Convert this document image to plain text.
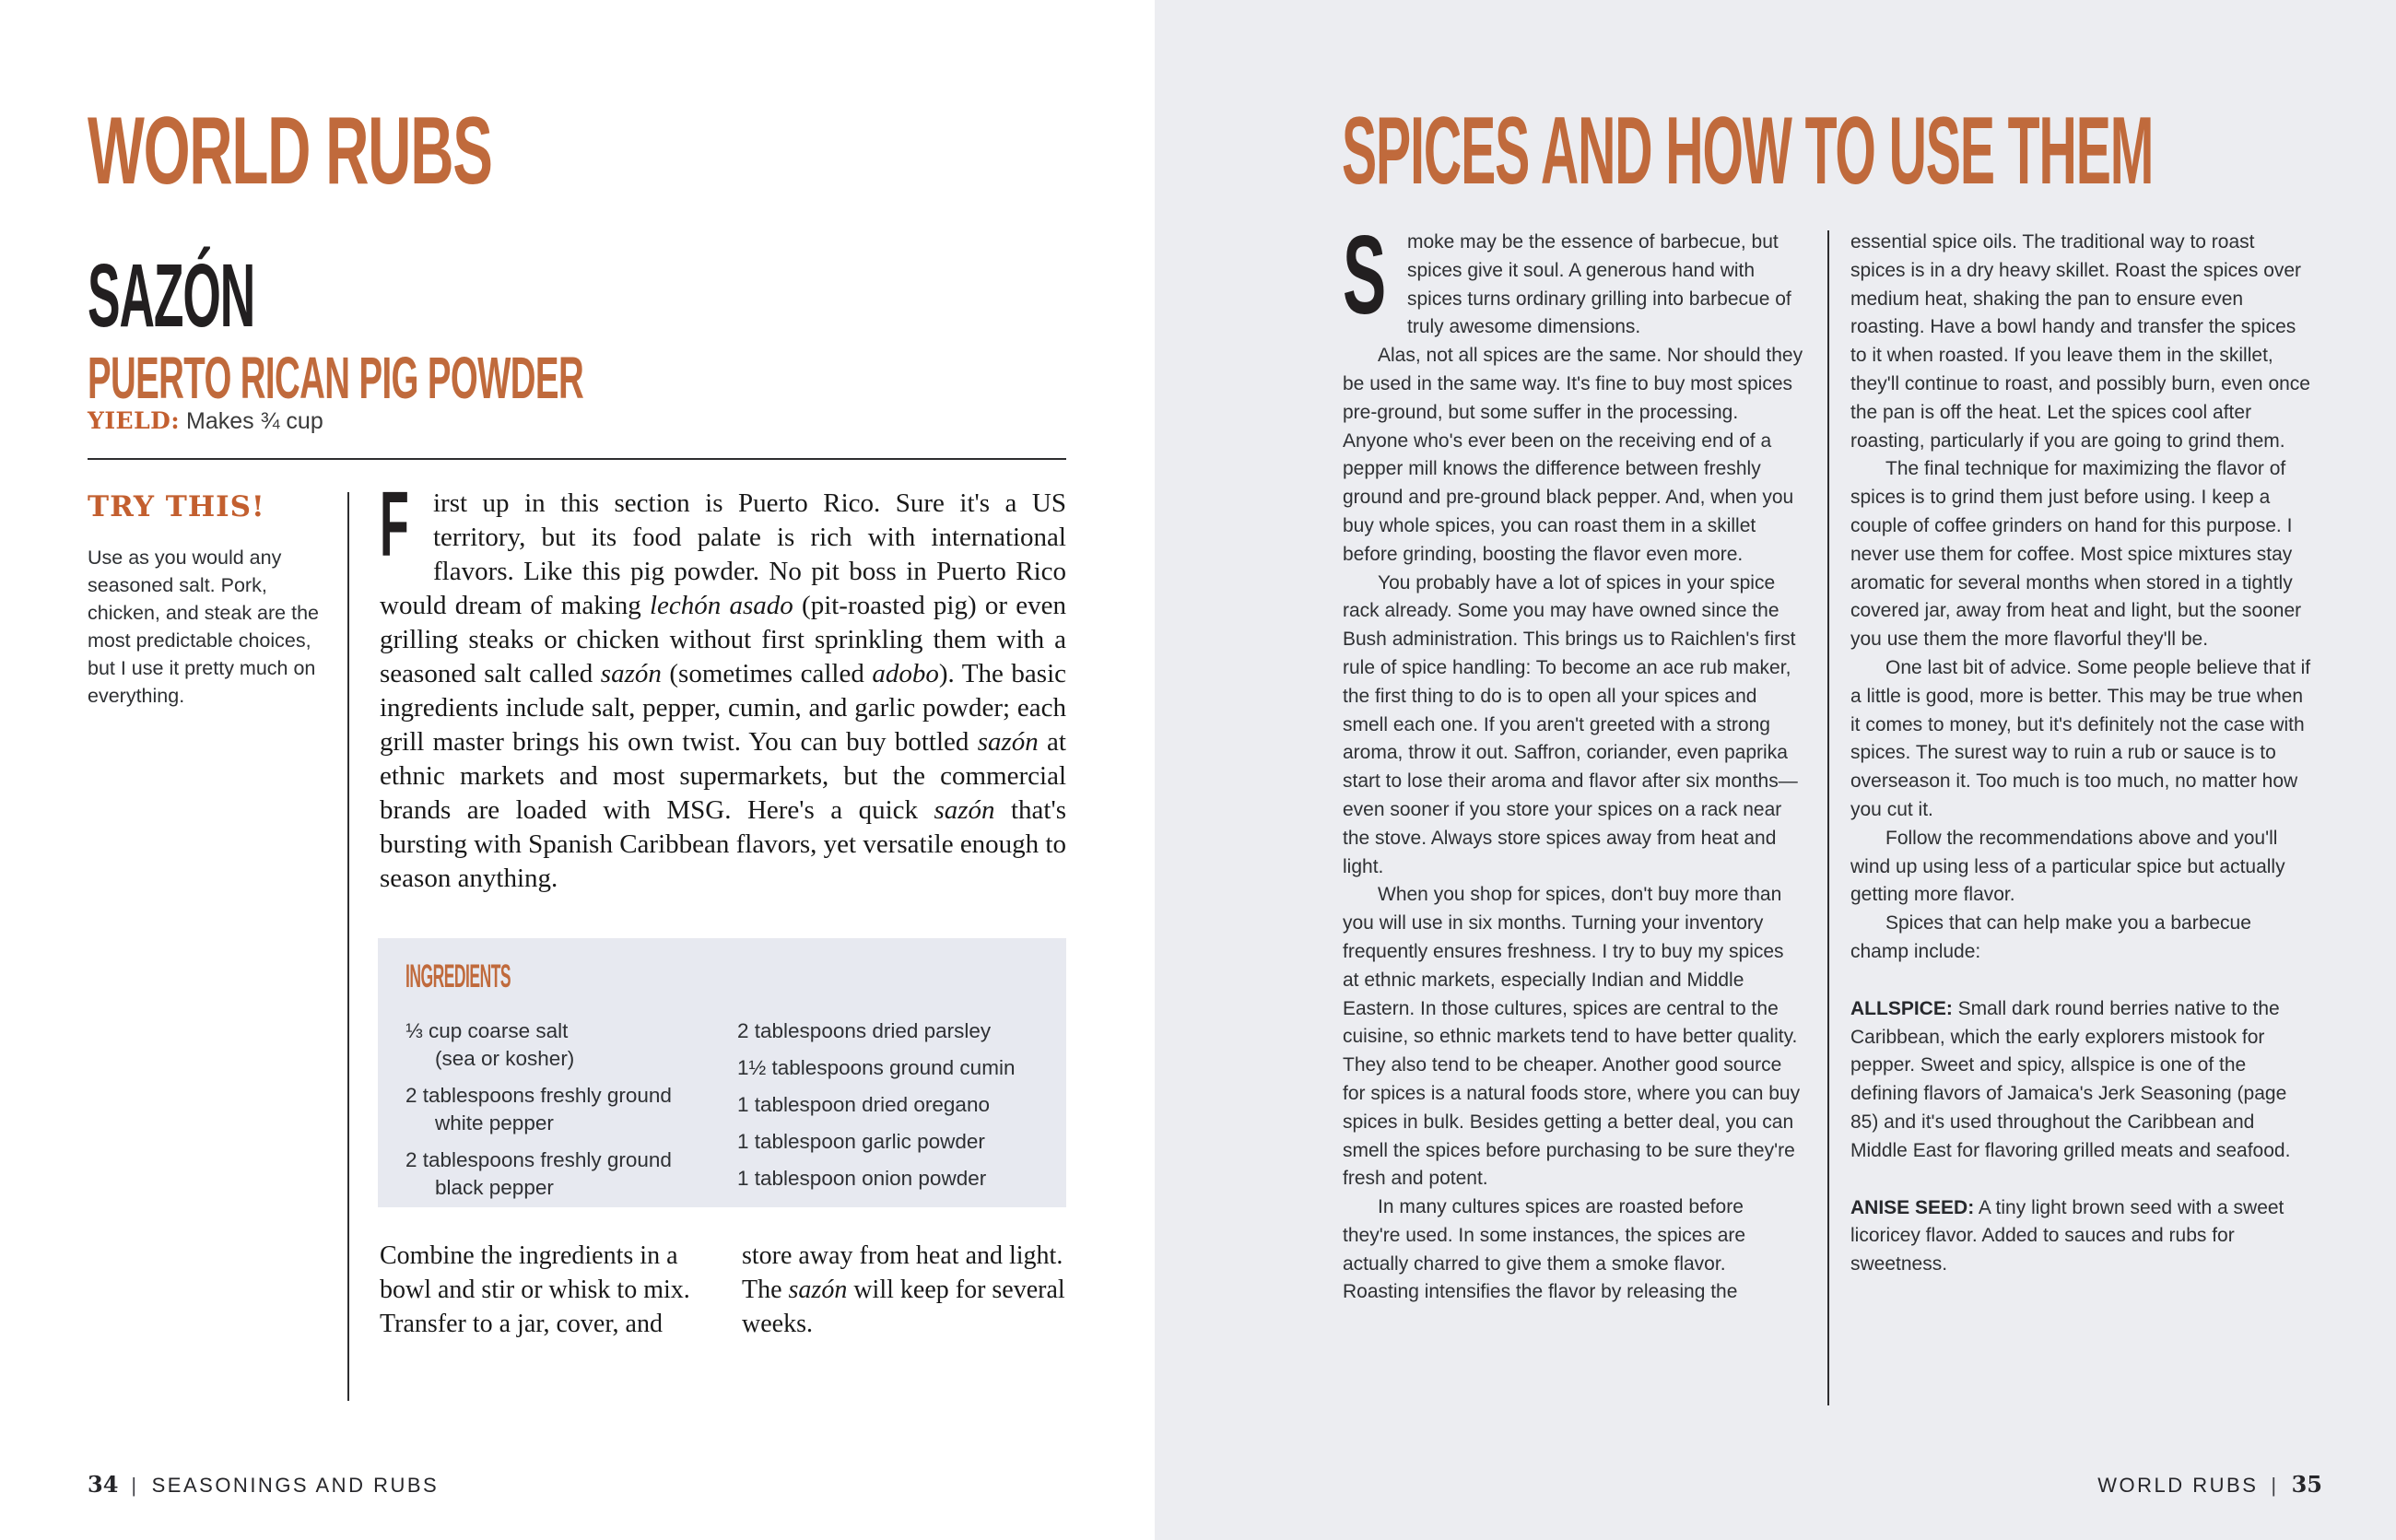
WORLD RUBS
SAZÓN
PUERTO RICAN PIG POWDER
YIELD: Makes ¾ cup
TRY THIS!
Use as you would any seasoned salt. Pork, chicken, and steak are the most predictable choices, but I use it pretty much on everything.
F irst up in this section is Puerto Rico. Sure it's a US territory, but its food palate is rich with international flavors. Like this pig powder. No pit boss in Puerto Rico would dream of making lechón asado (pit-roasted pig) or even grilling steaks or chicken without first sprinkling them with a seasoned salt called sazón (sometimes called adobo). The basic ingredients include salt, pepper, cumin, and garlic powder; each grill master brings his own twist. You can buy bottled sazón at ethnic markets and most supermarkets, but the commercial brands are loaded with MSG. Here's a quick sazón that's bursting with Spanish Caribbean flavors, yet versatile enough to season anything.
INGREDIENTS
⅓ cup coarse salt
(sea or kosher)
2 tablespoons freshly ground
white pepper
2 tablespoons freshly ground
black pepper
2 tablespoons dried parsley
1½ tablespoons ground cumin
1 tablespoon dried oregano
1 tablespoon garlic powder
1 tablespoon onion powder
Combine the ingredients in a bowl and stir or whisk to mix. Transfer to a jar, cover, and
store away from heat and light. The sazón will keep for several weeks.
34 | SEASONINGS AND RUBS
SPICES AND HOW TO USE THEM

S moke may be the essence of barbecue, but spices give it soul. A generous hand with spices turns ordinary grilling into barbecue of truly awesome dimensions.

Alas, not all spices are the same. Nor should they be used in the same way. It's fine to buy most spices pre-ground, but some suffer in the processing. Anyone who's ever been on the receiving end of a pepper mill knows the difference between freshly ground and pre-ground black pepper. And, when you buy whole spices, you can roast them in a skillet before grinding, boosting the flavor even more.

You probably have a lot of spices in your spice rack already. Some you may have owned since the Bush administration. This brings us to Raichlen's first rule of spice handling: To become an ace rub maker, the first thing to do is to open all your spices and smell each one. If you aren't greeted with a strong aroma, throw it out. Saffron, coriander, even paprika start to lose their aroma and flavor after six months—even sooner if you store your spices on a rack near the stove. Always store spices away from heat and light.

When you shop for spices, don't buy more than you will use in six months. Turning your inventory frequently ensures freshness. I try to buy my spices at ethnic markets, especially Indian and Middle Eastern. In those cultures, spices are central to the cuisine, so ethnic markets tend to have better quality. They also tend to be cheaper. Another good source for spices is a natural foods store, where you can buy spices in bulk. Besides getting a better deal, you can smell the spices before purchasing to be sure they're fresh and potent.

In many cultures spices are roasted before they're used. In some instances, the spices are actually charred to give them a smoke flavor. Roasting intensifies the flavor by releasing the

essential spice oils. The traditional way to roast spices is in a dry heavy skillet. Roast the spices over medium heat, shaking the pan to ensure even roasting. Have a bowl handy and transfer the spices to it when roasted. If you leave them in the skillet, they'll continue to roast, and possibly burn, even once the pan is off the heat. Let the spices cool after roasting, particularly if you are going to grind them.

The final technique for maximizing the flavor of spices is to grind them just before using. I keep a couple of coffee grinders on hand for this purpose. I never use them for coffee. Most spice mixtures stay aromatic for several months when stored in a tightly covered jar, away from heat and light, but the sooner you use them the more flavorful they'll be.

One last bit of advice. Some people believe that if a little is good, more is better. This may be true when it comes to money, but it's definitely not the case with spices. The surest way to ruin a rub or sauce is to overseason it. Too much is too much, no matter how you cut it.

Follow the recommendations above and you'll wind up using less of a particular spice but actually getting more flavor.

Spices that can help make you a barbecue champ include:

ALLSPICE: Small dark round berries native to the Caribbean, which the early explorers mistook for pepper. Sweet and spicy, allspice is one of the defining flavors of Jamaica's Jerk Seasoning (page 85) and it's used throughout the Caribbean and Middle East for flavoring grilled meats and seafood.

ANISE SEED: A tiny light brown seed with a sweet licoricey flavor. Added to sauces and rubs for sweetness.

WORLD RUBS | 35
